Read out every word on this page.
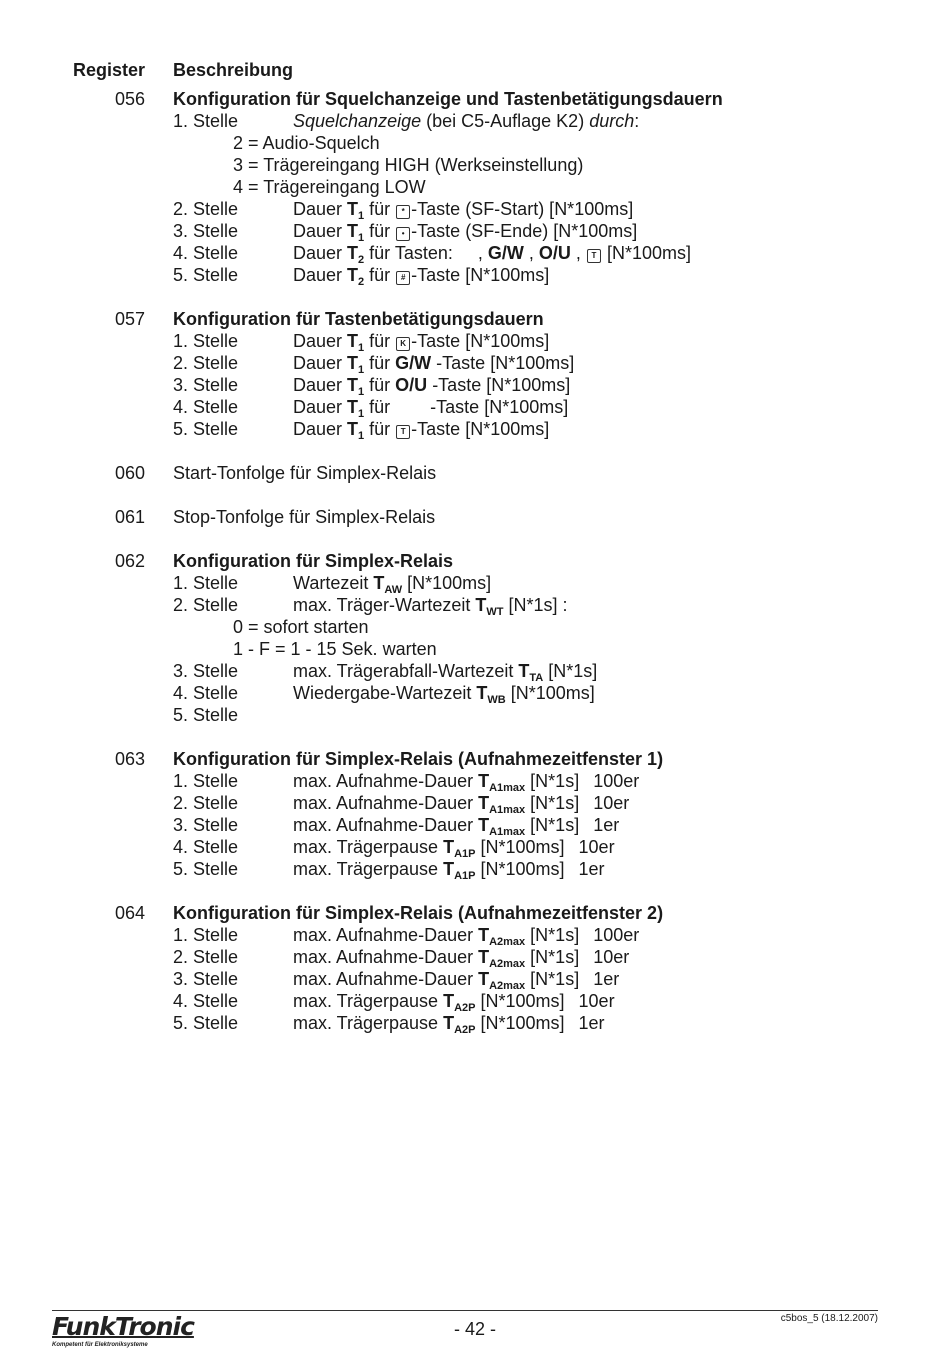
Register Beschreibung
056 Konfiguration für Squelchanzeige und Tastenbetätigungsdauern
1. Stelle	Squelchanzeige (bei C5-Auflage K2) durch:
2 = Audio-Squelch
3 = Trägereingang HIGH (Werkseinstellung)
4 = Trägereingang LOW
2. Stelle	Dauer $T_1$ für * -Taste (SF-Start) [N*100ms]
3. Stelle	Dauer $T_1$ für • -Taste (SF-Ende) [N*100ms]
4. Stelle	Dauer $T_2$ für Tasten:     , G/W , O/U , T [N*100ms]
5. Stelle	Dauer $T_2$ für # -Taste [N*100ms]
057 Konfiguration für Tastenbetätigungsdauern
1. Stelle	Dauer $T_1$ für K -Taste [N*100ms]
2. Stelle	Dauer $T_1$ für G/W -Taste [N*100ms]
3. Stelle	Dauer $T_1$ für O/U -Taste [N*100ms]
4. Stelle	Dauer $T_1$ für        -Taste [N*100ms]
5. Stelle	Dauer $T_1$ für T -Taste [N*100ms]
060 Start-Tonfolge für Simplex-Relais
061 Stop-Tonfolge für Simplex-Relais
062 Konfiguration für Simplex-Relais
1. Stelle	Wartezeit $T_{AW}$ [N*100ms]
2. Stelle	max. Träger-Wartezeit $T_{WT}$ [N*1s] :
0 = sofort starten
1 - F = 1 - 15 Sek. warten
3. Stelle	max. Trägerabfall-Wartezeit $T_{TA}$ [N*1s]
4. Stelle	Wiedergabe-Wartezeit $T_{WB}$ [N*100ms]
5. Stelle
063 Konfiguration für Simplex-Relais (Aufnahmezeitfenster 1)
1. Stelle	max. Aufnahme-Dauer $T_{A1max}$ [N*1s] 100er
2. Stelle	max. Aufnahme-Dauer $T_{A1max}$ [N*1s] 10er
3. Stelle	max. Aufnahme-Dauer $T_{A1max}$ [N*1s] 1er
4. Stelle	max. Trägerpause $T_{A1P}$ [N*100ms] 10er
5. Stelle	max. Trägerpause $T_{A1P}$ [N*100ms] 1er
064 Konfiguration für Simplex-Relais (Aufnahmezeitfenster 2)
1. Stelle	max. Aufnahme-Dauer $T_{A2max}$ [N*1s] 100er
2. Stelle	max. Aufnahme-Dauer $T_{A2max}$ [N*1s] 10er
3. Stelle	max. Aufnahme-Dauer $T_{A2max}$ [N*1s] 1er
4. Stelle	max. Trägerpause $T_{A2P}$ [N*100ms] 10er
5. Stelle	max. Trägerpause $T_{A2P}$ [N*100ms] 1er
FunkTronic
Kompetent für Elektroniksysteme
- 42 -
c5bos_5 (18.12.2007)
